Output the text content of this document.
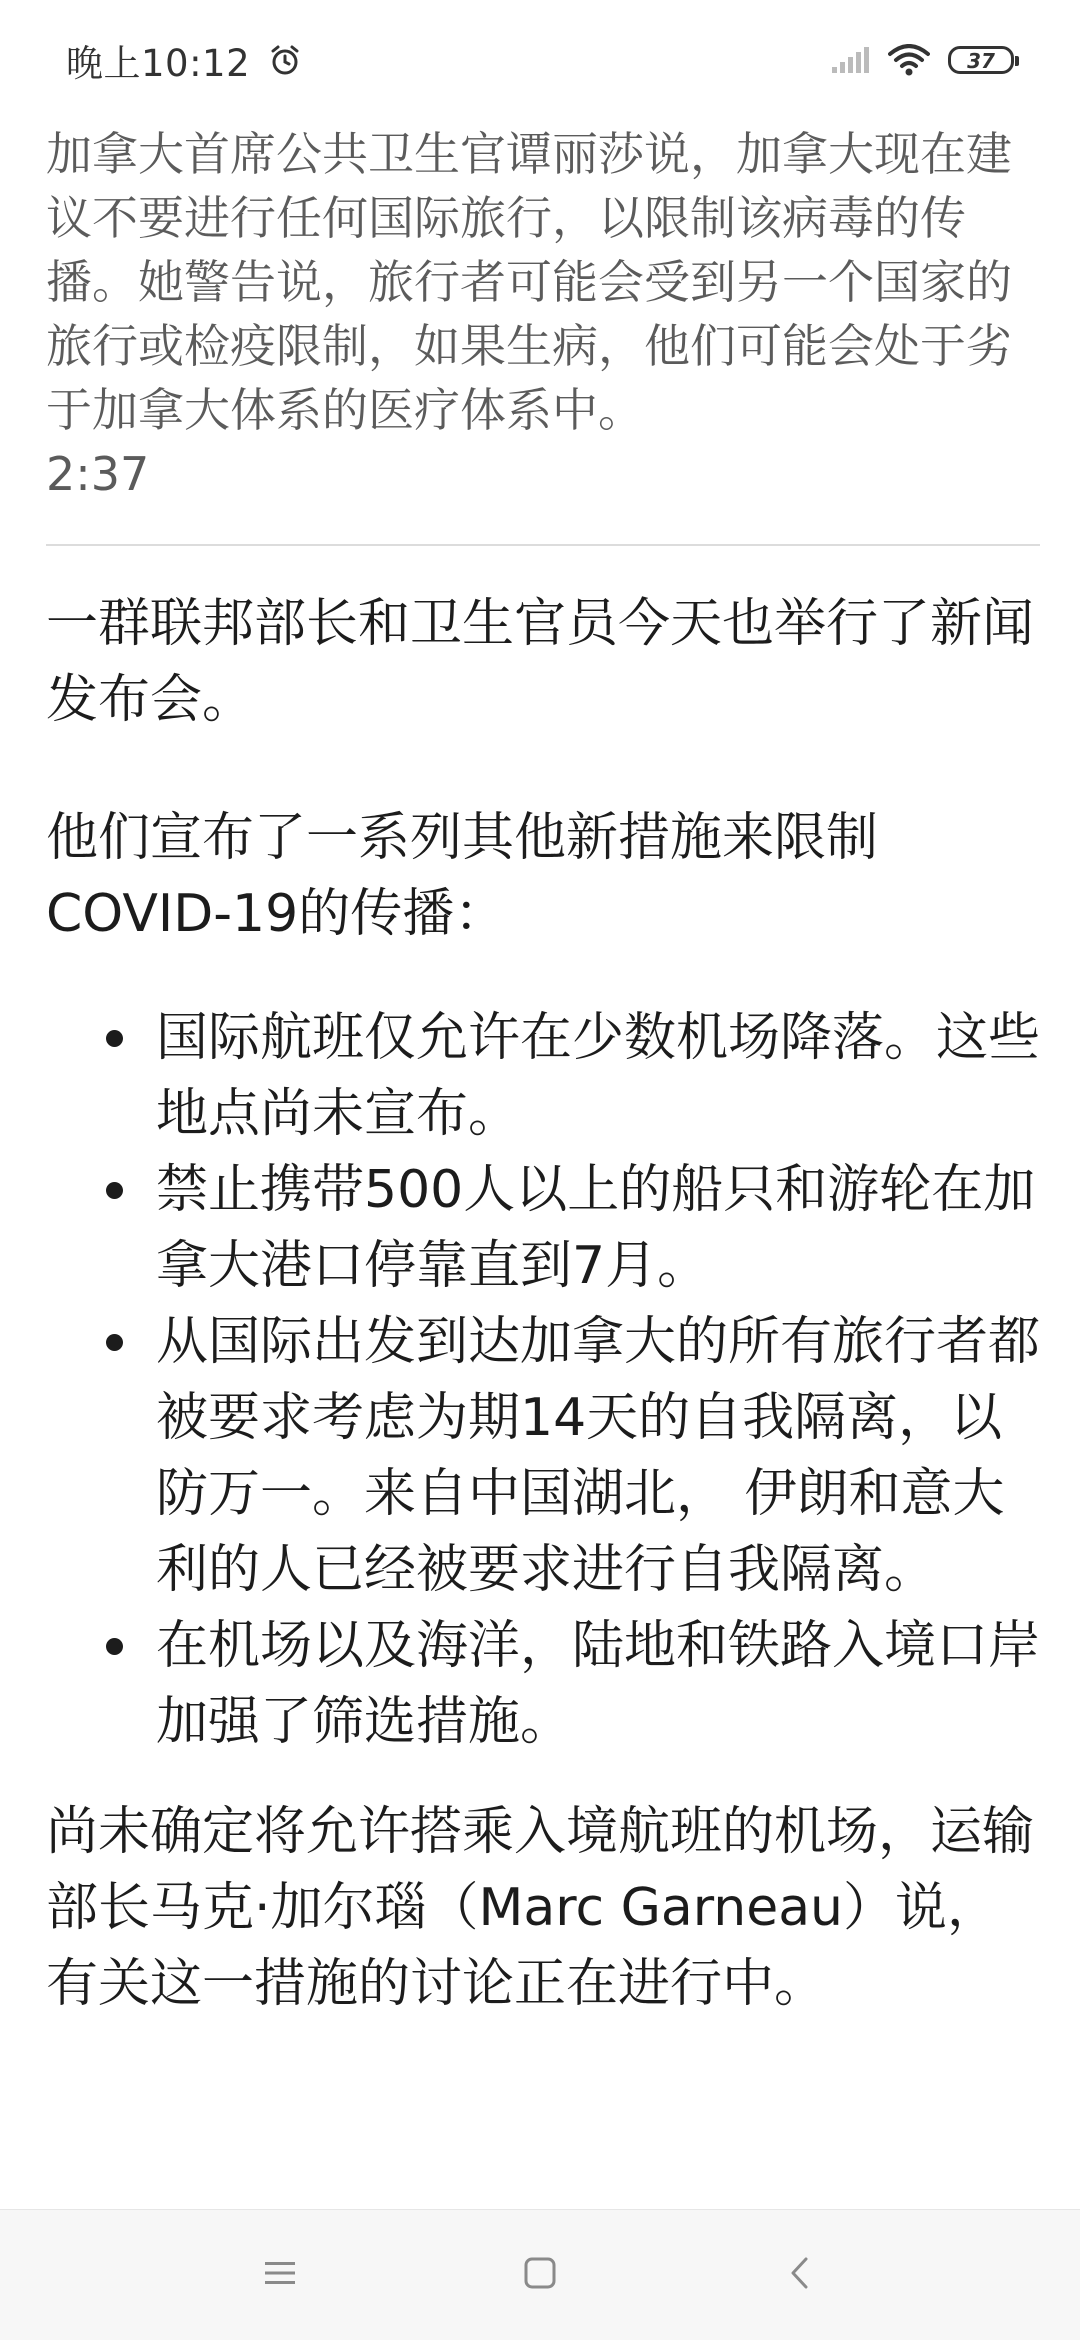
晚上10:12	37

加拿大首席公共卫生官谭丽莎说，加拿大现在建议不要进行任何国际旅行，以限制该病毒的传播。她警告说，旅行者可能会受到另一个国家的旅行或检疫限制，如果生病，他们可能会处于劣于加拿大体系的医疗体系中。
2:37

一群联邦部长和卫生官员今天也举行了新闻发布会。

他们宣布了一系列其他新措施来限制COVID-19的传播：

国际航班仅允许在少数机场降落。这些地点尚未宣布。
禁止携带500人以上的船只和游轮在加拿大港口停靠直到7月。
从国际出发到达加拿大的所有旅行者都被要求考虑为期14天的自我隔离，以防万一。来自中国湖北， 伊朗和意大利的人已经被要求进行自我隔离。
在机场以及海洋，陆地和铁路入境口岸加强了筛选措施。

尚未确定将允许搭乘入境航班的机场，运输部长马克·加尔瑙（Marc Garneau）说，有关这一措施的讨论正在进行中。
